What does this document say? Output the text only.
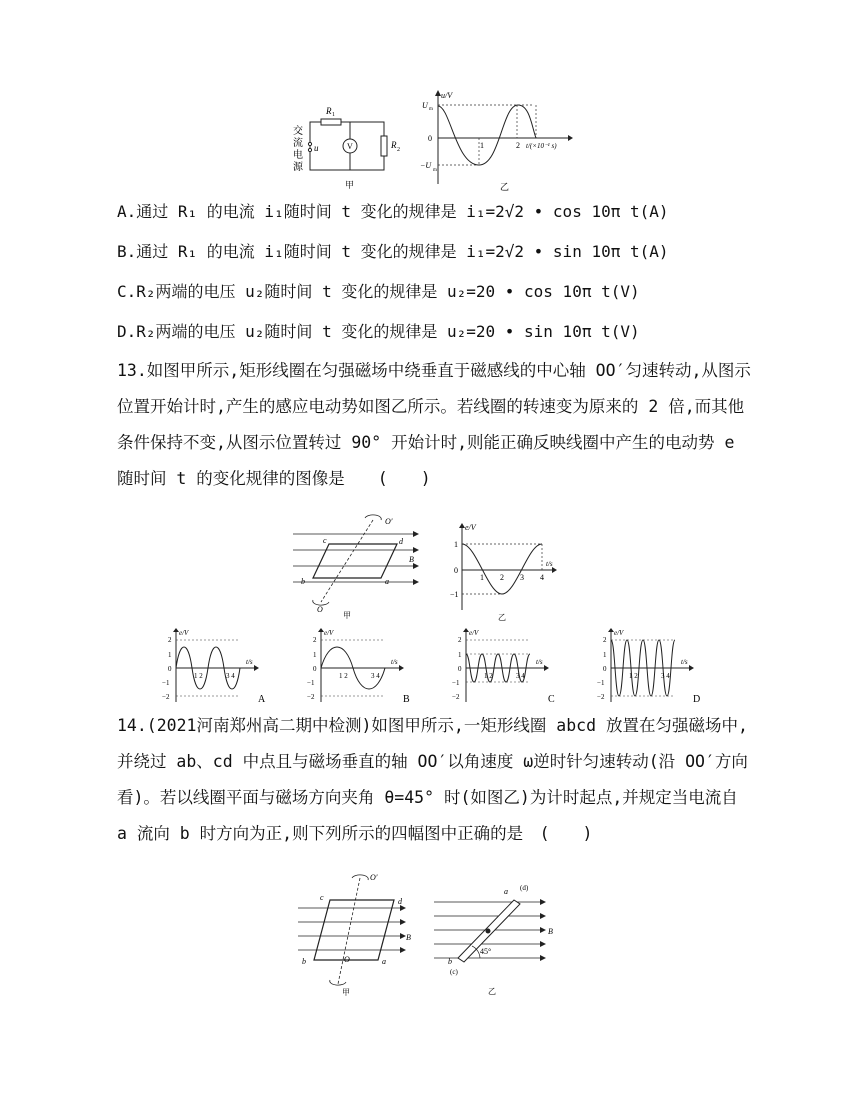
交
流
电
源
u
R 1
V	R 2
甲
u/V
U m
0
−U
m
1	2 t/(×10⁻¹ s)
乙
A.通过 R₁ 的电流 i₁随时间 t 变化的规律是 i₁=2√2 • cos 10π t(A)
B.通过 R₁ 的电流 i₁随时间 t 变化的规律是 i₁=2√2 • sin 10π t(A)
C.R₂两端的电压 u₂随时间 t 变化的规律是 u₂=20 • cos 10π t(V)
D.R₂两端的电压 u₂随时间 t 变化的规律是 u₂=20 • sin 10π t(V)
13.如图甲所示,矩形线圈在匀强磁场中绕垂直于磁感线的中心轴 OO′匀速转动,从图示位置开始计时,产生的感应电动势如图乙所示。若线圈的转速变为原来的 2 倍,而其他条件保持不变,从图示位置转过 90° 开始计时,则能正确反映线圈中产生的电动势 e 随时间 t 的变化规律的图像是　　(　　)
c	d
b	a
B
O′
O
甲
e/V
1
0
−1
1 2 3 4
t/s
乙
e/V
2
1
0
−1
−2
1 2	3 4
t/s
A
e/V
2
1
0
−1
−2
1 2	3 4
t/s
B
e/V
2
1
0
−1
−2
1 2	3 4
t/s
C
e/V
2
1
0
−1
−2
1 2	3 4
t/s
D
14.(2021河南郑州高二期中检测)如图甲所示,一矩形线圈 abcd 放置在匀强磁场中,并绕过 ab、cd 中点且与磁场垂直的轴 OO′以角速度 ω逆时针匀速转动(沿 OO′方向看)。若以线圈平面与磁场方向夹角 θ=45° 时(如图乙)为计时起点,并规定当电流自 a 流向 b 时方向为正,则下列所示的四幅图中正确的是　(　　)
c	d
b	a
B
O′
O
甲
45°
a (d)
b
(c)
B
乙
